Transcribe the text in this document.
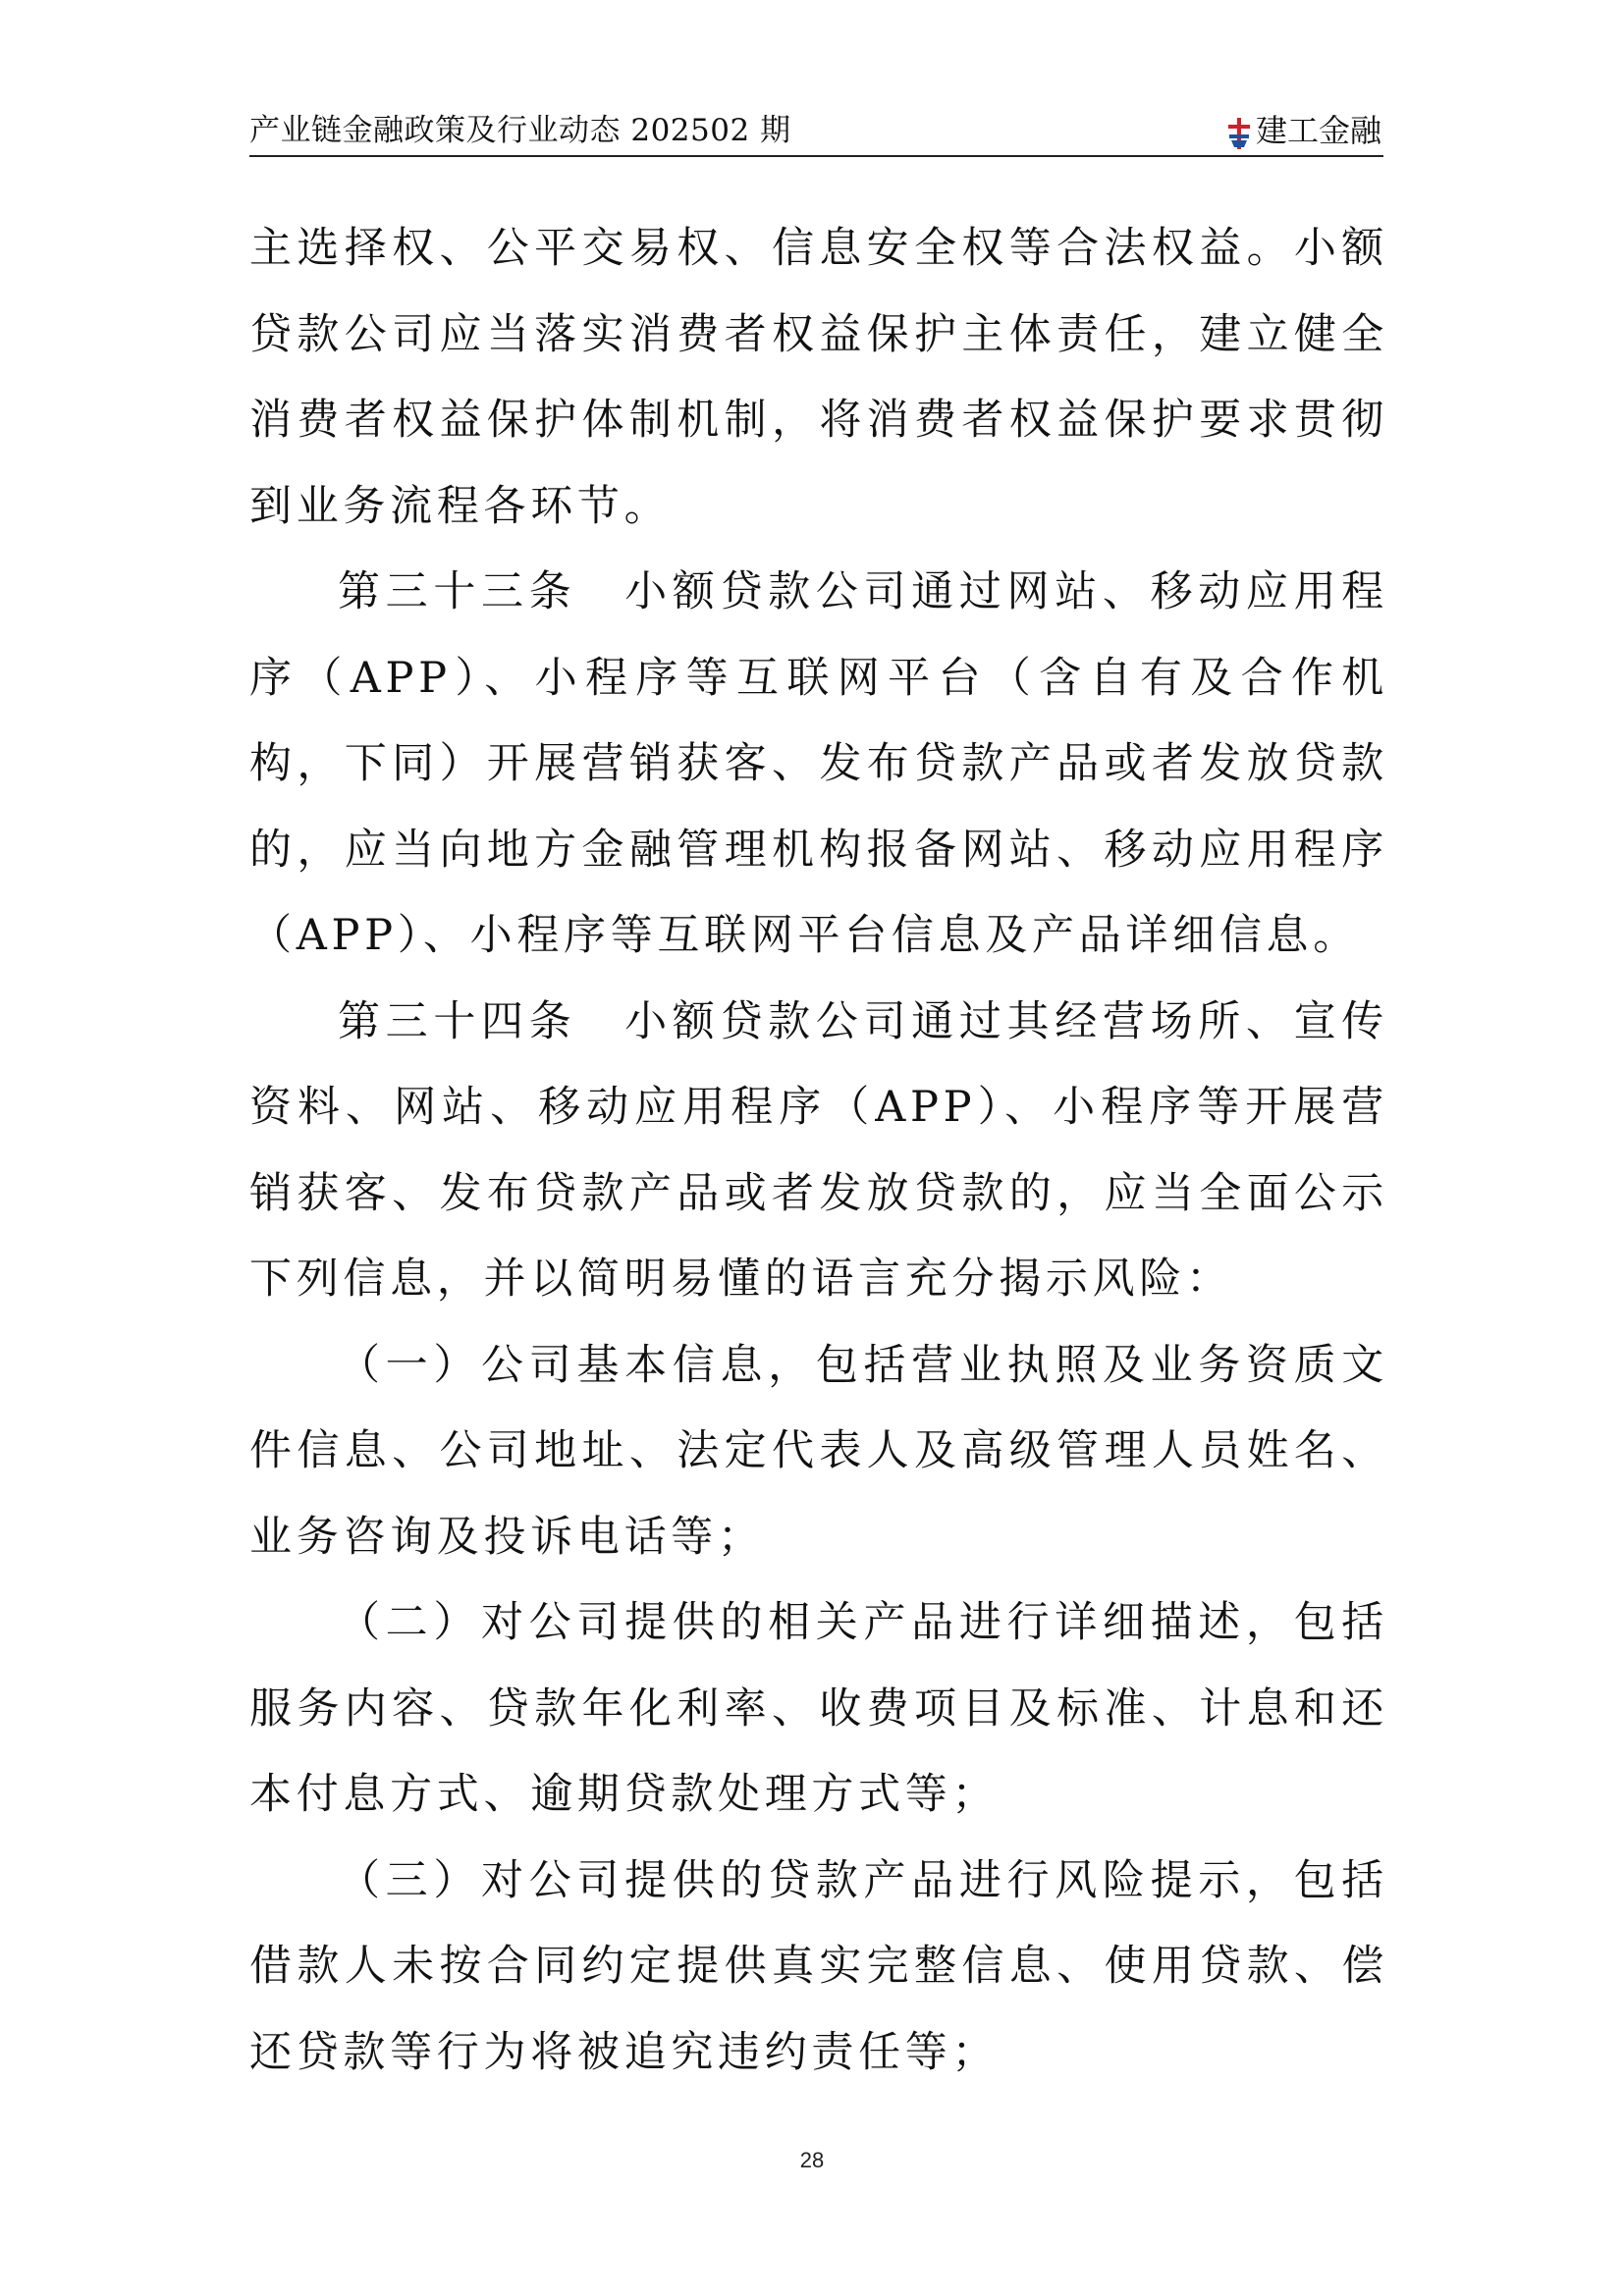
产业链金融政策及行业动态 202502 期	建工金融

主选择权、公平交易权、信息安全权等合法权益。小额贷款公司应当落实消费者权益保护主体责任，建立健全消费者权益保护体制机制，将消费者权益保护要求贯彻到业务流程各环节。

第三十三条　小额贷款公司通过网站、移动应用程序（APP）、小程序等互联网平台（含自有及合作机构，下同）开展营销获客、发布贷款产品或者发放贷款的，应当向地方金融管理机构报备网站、移动应用程序（APP）、小程序等互联网平台信息及产品详细信息。

第三十四条　小额贷款公司通过其经营场所、宣传资料、网站、移动应用程序（APP）、小程序等开展营销获客、发布贷款产品或者发放贷款的，应当全面公示下列信息，并以简明易懂的语言充分揭示风险：

（一）公司基本信息，包括营业执照及业务资质文件信息、公司地址、法定代表人及高级管理人员姓名、业务咨询及投诉电话等；

（二）对公司提供的相关产品进行详细描述，包括服务内容、贷款年化利率、收费项目及标准、计息和还本付息方式、逾期贷款处理方式等；

（三）对公司提供的贷款产品进行风险提示，包括借款人未按合同约定提供真实完整信息、使用贷款、偿还贷款等行为将被追究违约责任等；

28
